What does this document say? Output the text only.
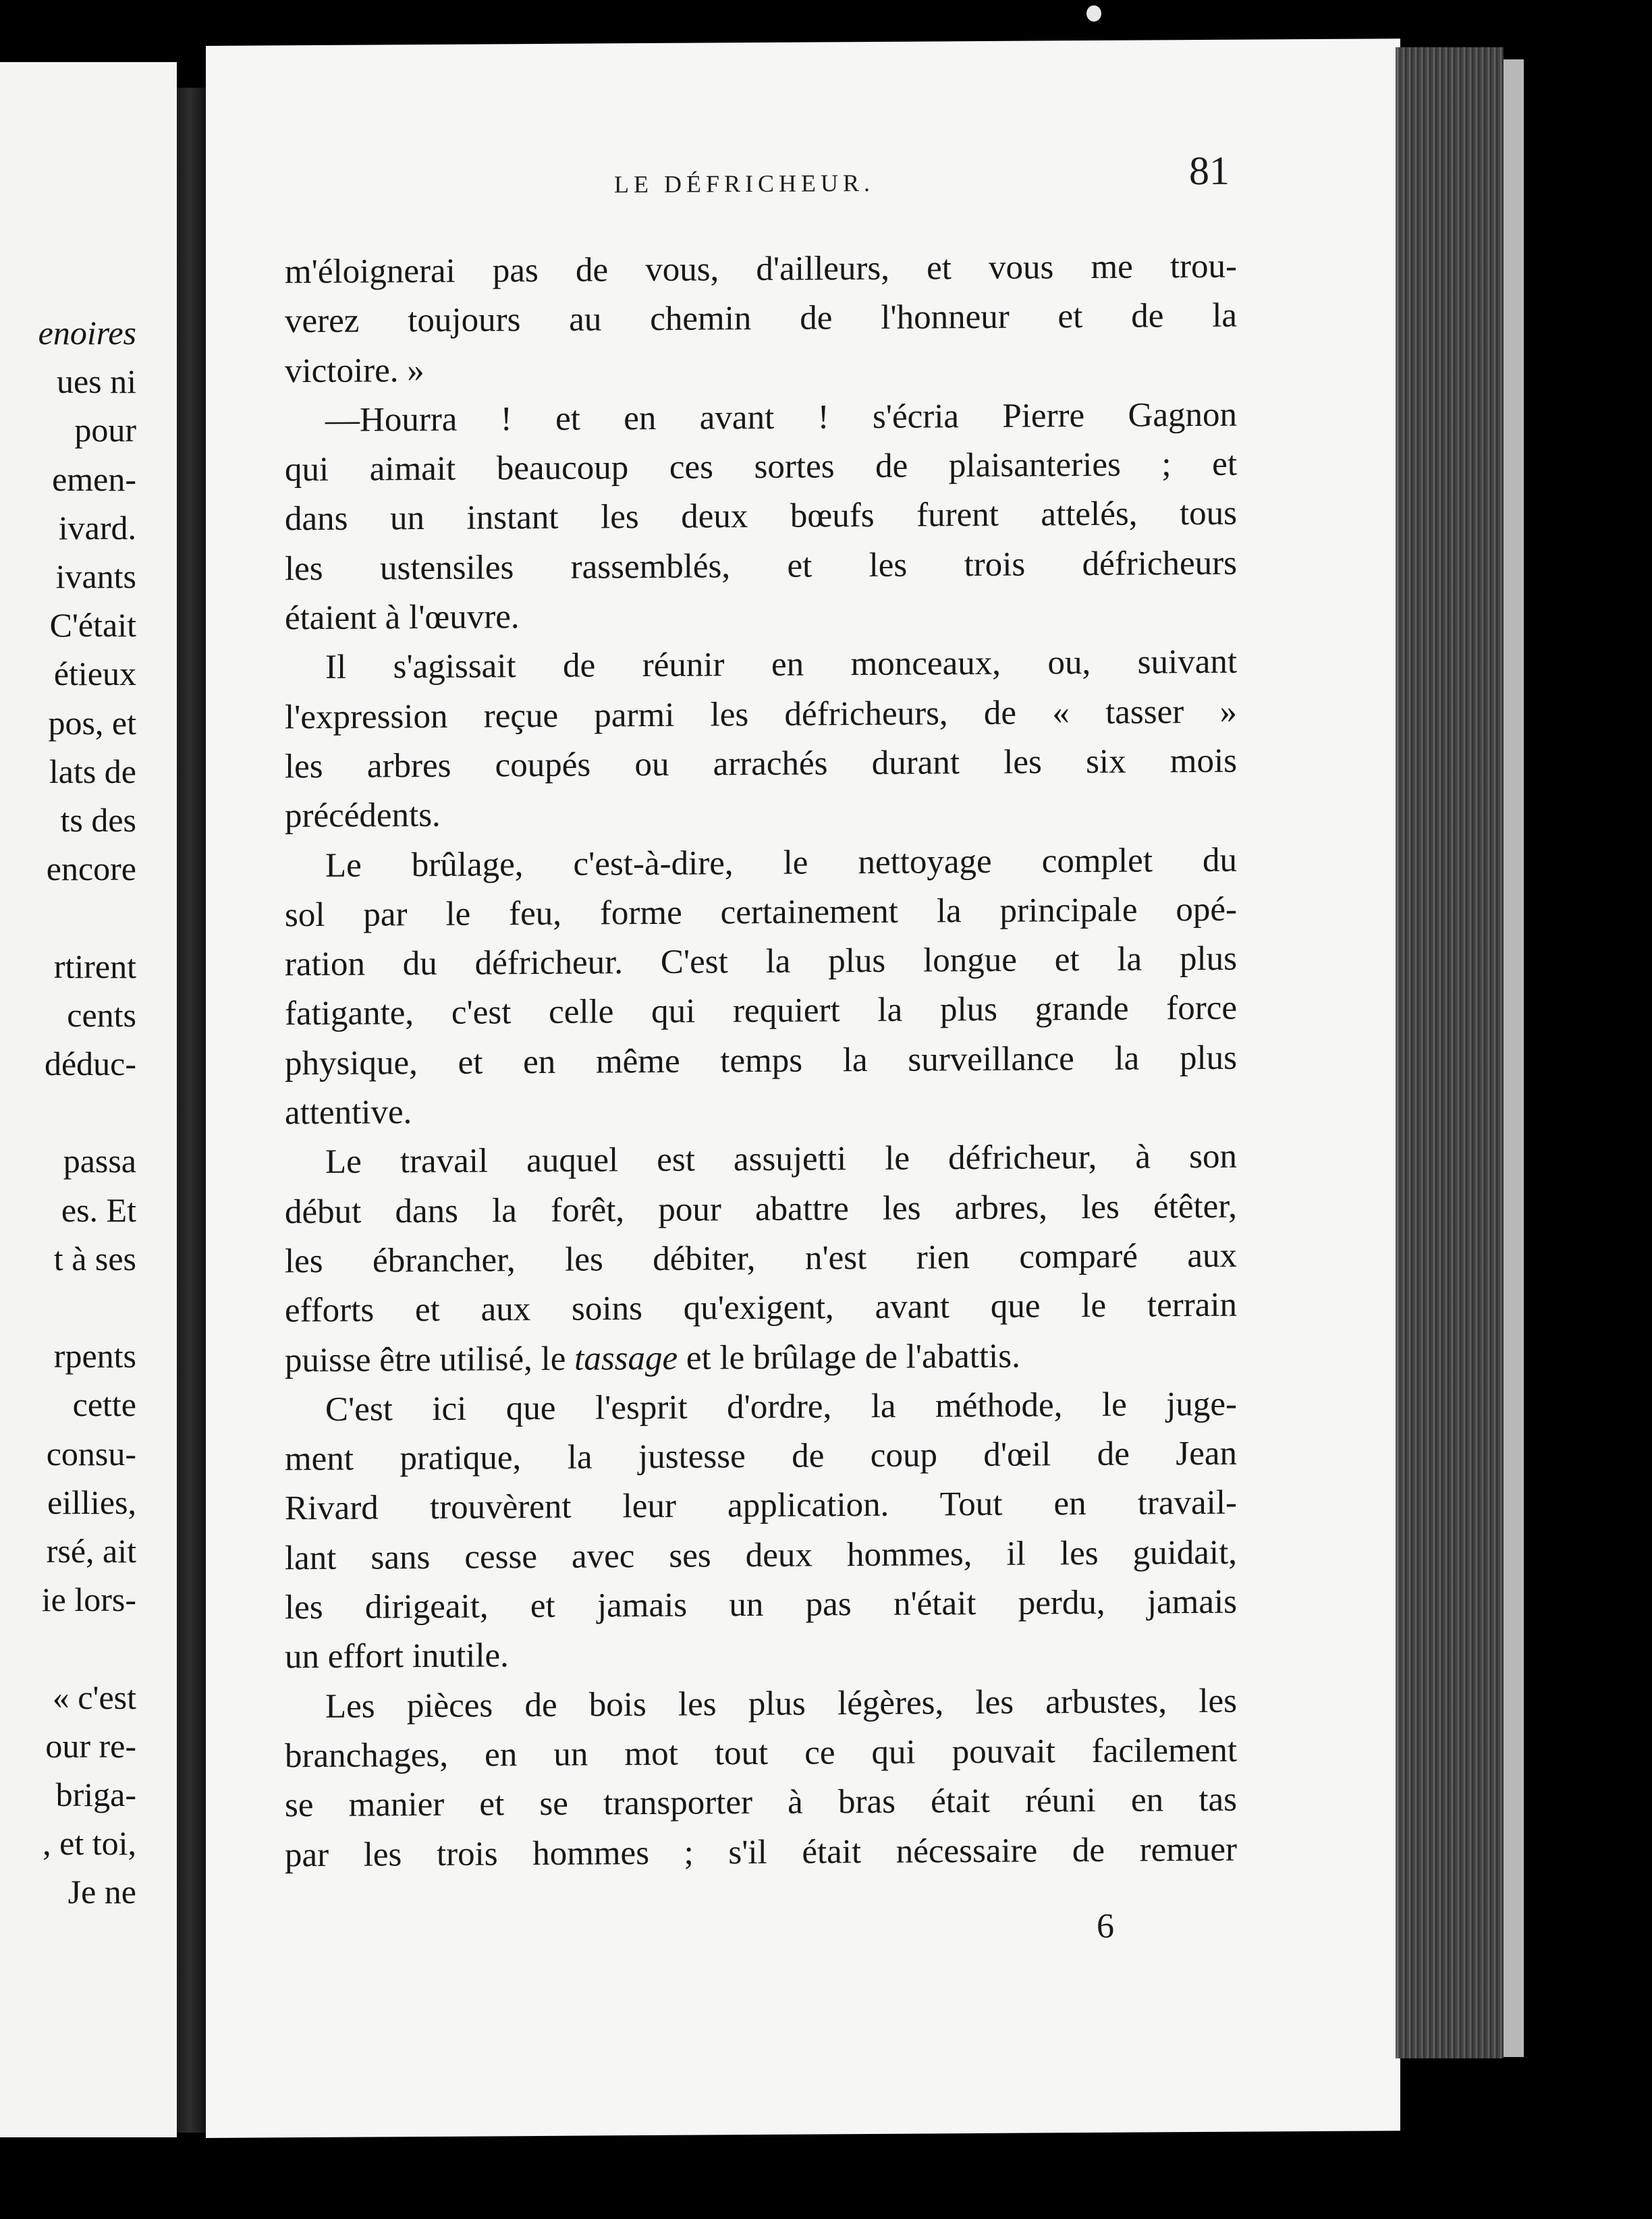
enoires
ues ni
pour
emen-
ivard.
ivants
C'était
étieux
pos, et
lats de
ts des
encore
rtirent
cents
déduc-
passa
es. Et
t à ses
rpents
cette
consu-
eillies,
rsé, ait
ie lors-
« c'est
our re-
briga-
, et toi,
Je ne
LE DÉFRICHEUR.	81
m'éloignerai pas de vous, d'ailleurs, et vous me trou-
verez toujours au chemin de l'honneur et de la
victoire. »
—Hourra ! et en avant ! s'écria Pierre Gagnon
qui aimait beaucoup ces sortes de plaisanteries ; et
dans un instant les deux bœufs furent attelés, tous
les ustensiles rassemblés, et les trois défricheurs
étaient à l'œuvre.
Il s'agissait de réunir en monceaux, ou, suivant
l'expression reçue parmi les défricheurs, de « tasser »
les arbres coupés ou arrachés durant les six mois
précédents.
Le brûlage, c'est-à-dire, le nettoyage complet du
sol par le feu, forme certainement la principale opé-
ration du défricheur. C'est la plus longue et la plus
fatigante, c'est celle qui requiert la plus grande force
physique, et en même temps la surveillance la plus
attentive.
Le travail auquel est assujetti le défricheur, à son
début dans la forêt, pour abattre les arbres, les étêter,
les ébrancher, les débiter, n'est rien comparé aux
efforts et aux soins qu'exigent, avant que le terrain
puisse être utilisé, le tassage et le brûlage de l'abattis.
C'est ici que l'esprit d'ordre, la méthode, le juge-
ment pratique, la justesse de coup d'œil de Jean
Rivard trouvèrent leur application. Tout en travail-
lant sans cesse avec ses deux hommes, il les guidait,
les dirigeait, et jamais un pas n'était perdu, jamais
un effort inutile.
Les pièces de bois les plus légères, les arbustes, les
branchages, en un mot tout ce qui pouvait facilement
se manier et se transporter à bras était réuni en tas
par les trois hommes ; s'il était nécessaire de remuer
6
